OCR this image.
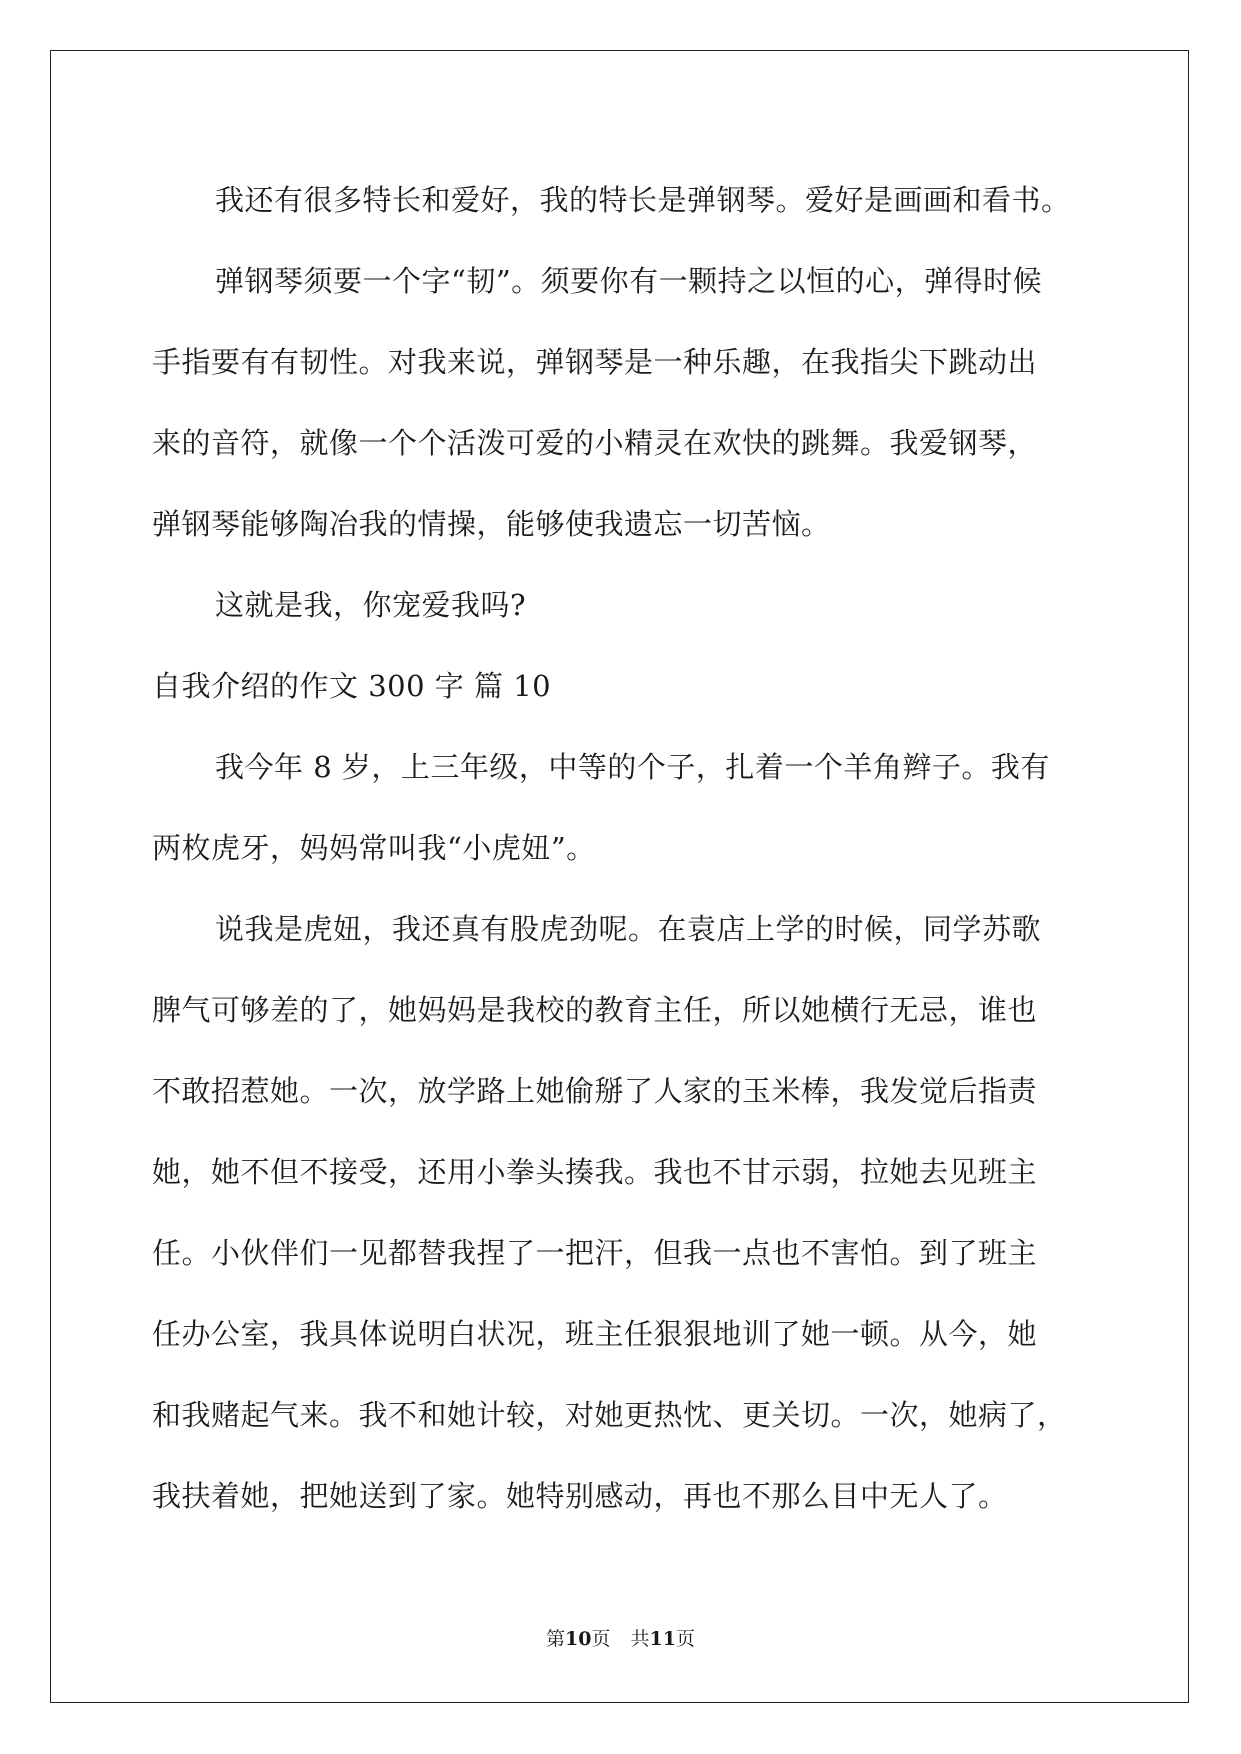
我还有很多特长和爱好，我的特长是弹钢琴。爱好是画画和看书。
弹钢琴须要一个字“韧”。须要你有一颗持之以恒的心，弹得时候
手指要有有韧性。对我来说，弹钢琴是一种乐趣，在我指尖下跳动出
来的音符，就像一个个活泼可爱的小精灵在欢快的跳舞。我爱钢琴，
弹钢琴能够陶冶我的情操，能够使我遗忘一切苦恼。
这就是我，你宠爱我吗?
自我介绍的作文 300 字 篇 10
我今年 8 岁，上三年级，中等的个子，扎着一个羊角辫子。我有
两枚虎牙，妈妈常叫我“小虎妞”。
说我是虎妞，我还真有股虎劲呢。在袁店上学的时候，同学苏歌
脾气可够差的了，她妈妈是我校的教育主任，所以她横行无忌，谁也
不敢招惹她。一次，放学路上她偷掰了人家的玉米棒，我发觉后指责
她，她不但不接受，还用小拳头揍我。我也不甘示弱，拉她去见班主
任。小伙伴们一见都替我捏了一把汗，但我一点也不害怕。到了班主
任办公室，我具体说明白状况，班主任狠狠地训了她一顿。从今，她
和我赌起气来。我不和她计较，对她更热忱、更关切。一次，她病了，
我扶着她，把她送到了家。她特别感动，再也不那么目中无人了。
第10页 共11页
